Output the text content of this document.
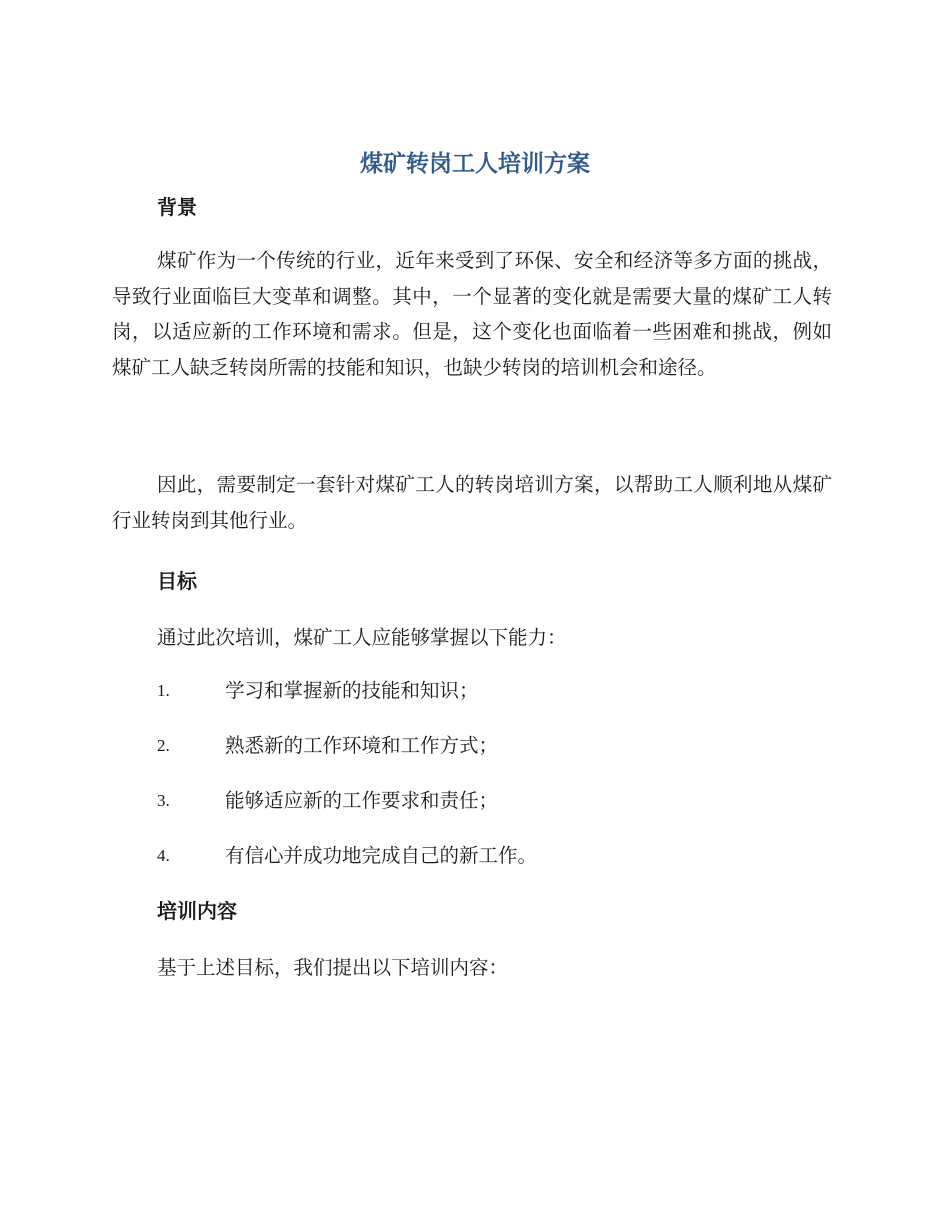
煤矿转岗工人培训方案
背景

煤矿作为一个传统的行业，近年来受到了环保、安全和经济等多方面的挑战，导致行业面临巨大变革和调整。其中，一个显著的变化就是需要大量的煤矿工人转岗，以适应新的工作环境和需求。但是，这个变化也面临着一些困难和挑战，例如煤矿工人缺乏转岗所需的技能和知识，也缺少转岗的培训机会和途径。

因此，需要制定一套针对煤矿工人的转岗培训方案，以帮助工人顺利地从煤矿行业转岗到其他行业。

目标

通过此次培训，煤矿工人应能够掌握以下能力：

1.	学习和掌握新的技能和知识；
2.	熟悉新的工作环境和工作方式；
3.	能够适应新的工作要求和责任；
4.	有信心并成功地完成自己的新工作。
培训内容

基于上述目标，我们提出以下培训内容：
